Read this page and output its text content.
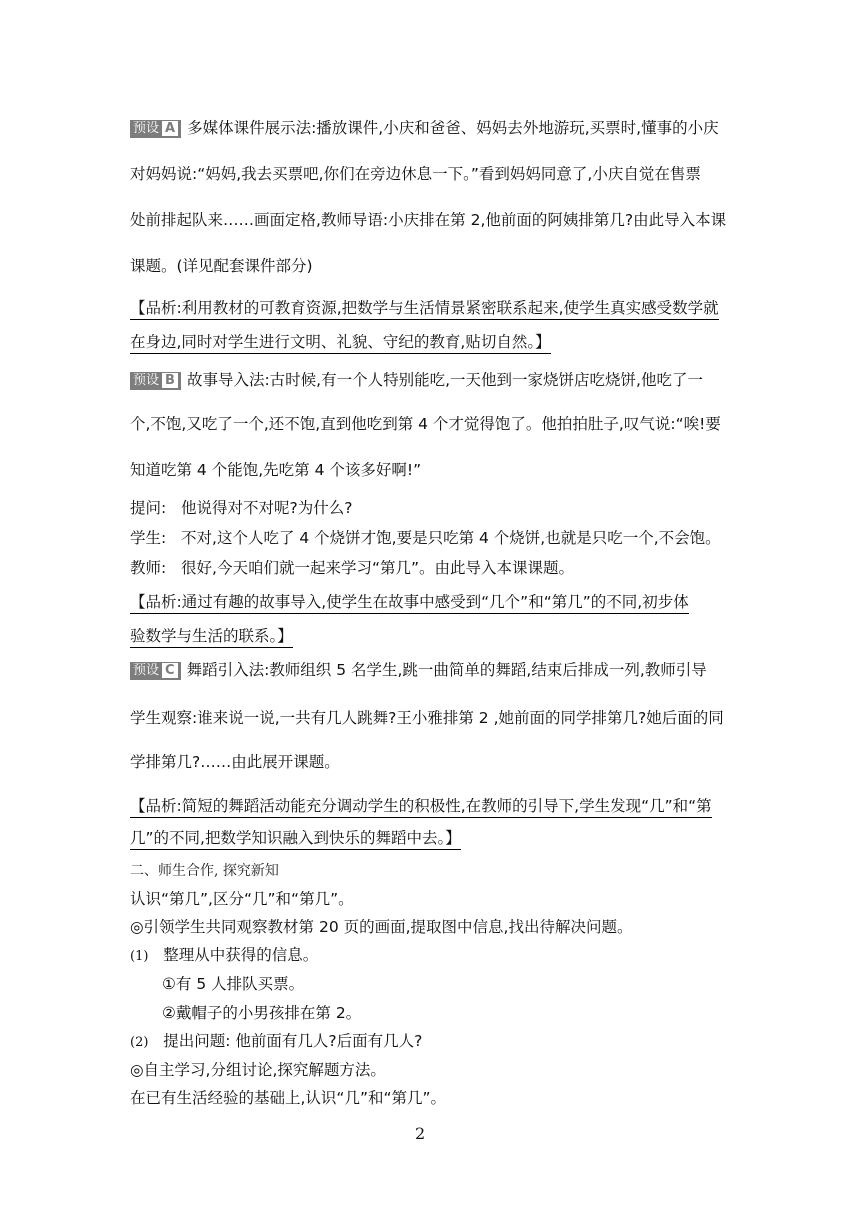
预设 A 多媒体课件展示法:播放课件,小庆和爸爸、妈妈去外地游玩,买票时,懂事的小庆
对妈妈说:“妈妈,我去买票吧,你们在旁边休息一下。”看到妈妈同意了,小庆自觉在售票
处前排起队来……画面定格,教师导语:小庆排在第 2,他前面的阿姨排第几?由此导入本课
课题。(详见配套课件部分)
【品析:利用教材的可教育资源,把数学与生活情景紧密联系起来,使学生真实感受数学就
在身边,同时对学生进行文明、礼貌、守纪的教育,贴切自然。】
预设 B 故事导入法:古时候,有一个人特别能吃,一天他到一家烧饼店吃烧饼,他吃了一
个,不饱,又吃了一个,还不饱,直到他吃到第 4 个才觉得饱了。他拍拍肚子,叹气说:“唉!要
知道吃第 4 个能饱,先吃第 4 个该多好啊!”
提问: 他说得对不对呢?为什么?
学生: 不对,这个人吃了 4 个烧饼才饱,要是只吃第 4 个烧饼,也就是只吃一个,不会饱。
教师: 很好,今天咱们就一起来学习“第几”。由此导入本课课题。
【品析:通过有趣的故事导入,使学生在故事中感受到“几个”和“第几”的不同,初步体
验数学与生活的联系。】
预设 C 舞蹈引入法:教师组织 5 名学生,跳一曲简单的舞蹈,结束后排成一列,教师引导
学生观察:谁来说一说,一共有几人跳舞?王小雅排第 2 ,她前面的同学排第几?她后面的同
学排第几?……由此展开课题。
【品析:简短的舞蹈活动能充分调动学生的积极性,在教师的引导下,学生发现“几”和“第
几”的不同,把数学知识融入到快乐的舞蹈中去。】
二、师生合作, 探究新知
认识“第几”,区分“几”和“第几”。
◎引领学生共同观察教材第 20 页的画面,提取图中信息,找出待解决问题。
(1) 整理从中获得的信息。
①有 5 人排队买票。
②戴帽子的小男孩排在第 2。
(2) 提出问题: 他前面有几人?后面有几人?
◎自主学习,分组讨论,探究解题方法。
在已有生活经验的基础上,认识“几”和“第几”。
2
